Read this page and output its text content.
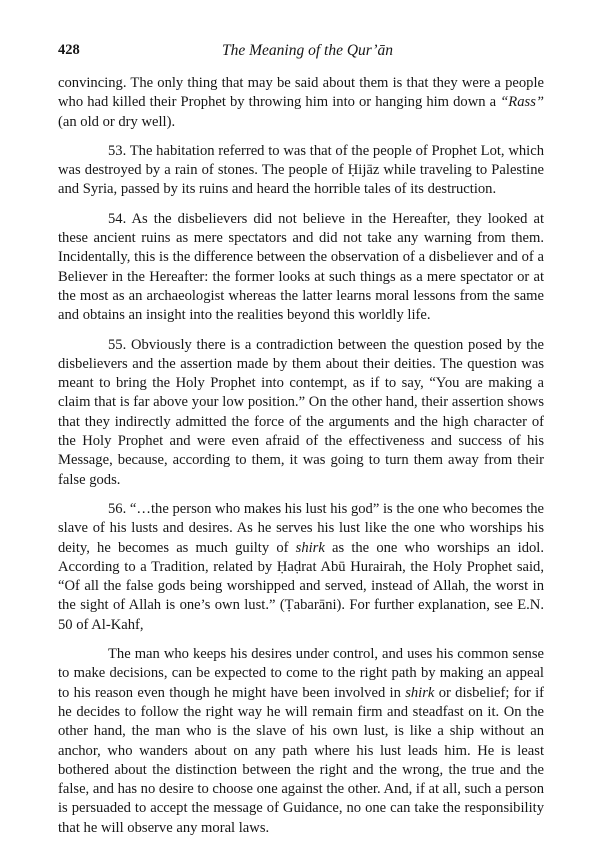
428	The Meaning of the Qur’ān

convincing. The only thing that may be said about them is that they were a people who had killed their Prophet by throwing him into or hanging him down a “Rass” (an old or dry well).

53. The habitation referred to was that of the people of Prophet Lot, which was destroyed by a rain of stones. The people of Ḥijāz while traveling to Palestine and Syria, passed by its ruins and heard the horrible tales of its destruction.

54. As the disbelievers did not believe in the Hereafter, they looked at these ancient ruins as mere spectators and did not take any warning from them. Incidentally, this is the difference between the observation of a disbeliever and of a Believer in the Hereafter: the former looks at such things as a mere spectator or at the most as an archaeologist whereas the latter learns moral lessons from the same and obtains an insight into the realities beyond this worldly life.

55. Obviously there is a contradiction between the question posed by the disbelievers and the assertion made by them about their deities. The question was meant to bring the Holy Prophet into contempt, as if to say, “You are making a claim that is far above your low position.” On the other hand, their assertion shows that they indirectly admitted the force of the arguments and the high character of the Holy Prophet and were even afraid of the effectiveness and success of his Message, because, according to them, it was going to turn them away from their false gods.

56. “…the person who makes his lust his god” is the one who becomes the slave of his lusts and desires. As he serves his lust like the one who worships his deity, he becomes as much guilty of shirk as the one who worships an idol. According to a Tradition, related by Ḥaḍrat Abū Hurairah, the Holy Prophet said, “Of all the false gods being worshipped and served, instead of Allah, the worst in the sight of Allah is one’s own lust.” (Ṭabarāni). For further explanation, see E.N. 50 of Al-Kahf,

The man who keeps his desires under control, and uses his common sense to make decisions, can be expected to come to the right path by making an appeal to his reason even though he might have been involved in shirk or disbelief; for if he decides to follow the right way he will remain firm and steadfast on it. On the other hand, the man who is the slave of his own lust, is like a ship without an anchor, who wanders about on any path where his lust leads him. He is least bothered about the distinction between the right and the wrong, the true and the false, and has no desire to choose one against the other. And, if at all, such a person is persuaded to accept the message of Guidance, no one can take the responsibility that he will observe any moral laws.
